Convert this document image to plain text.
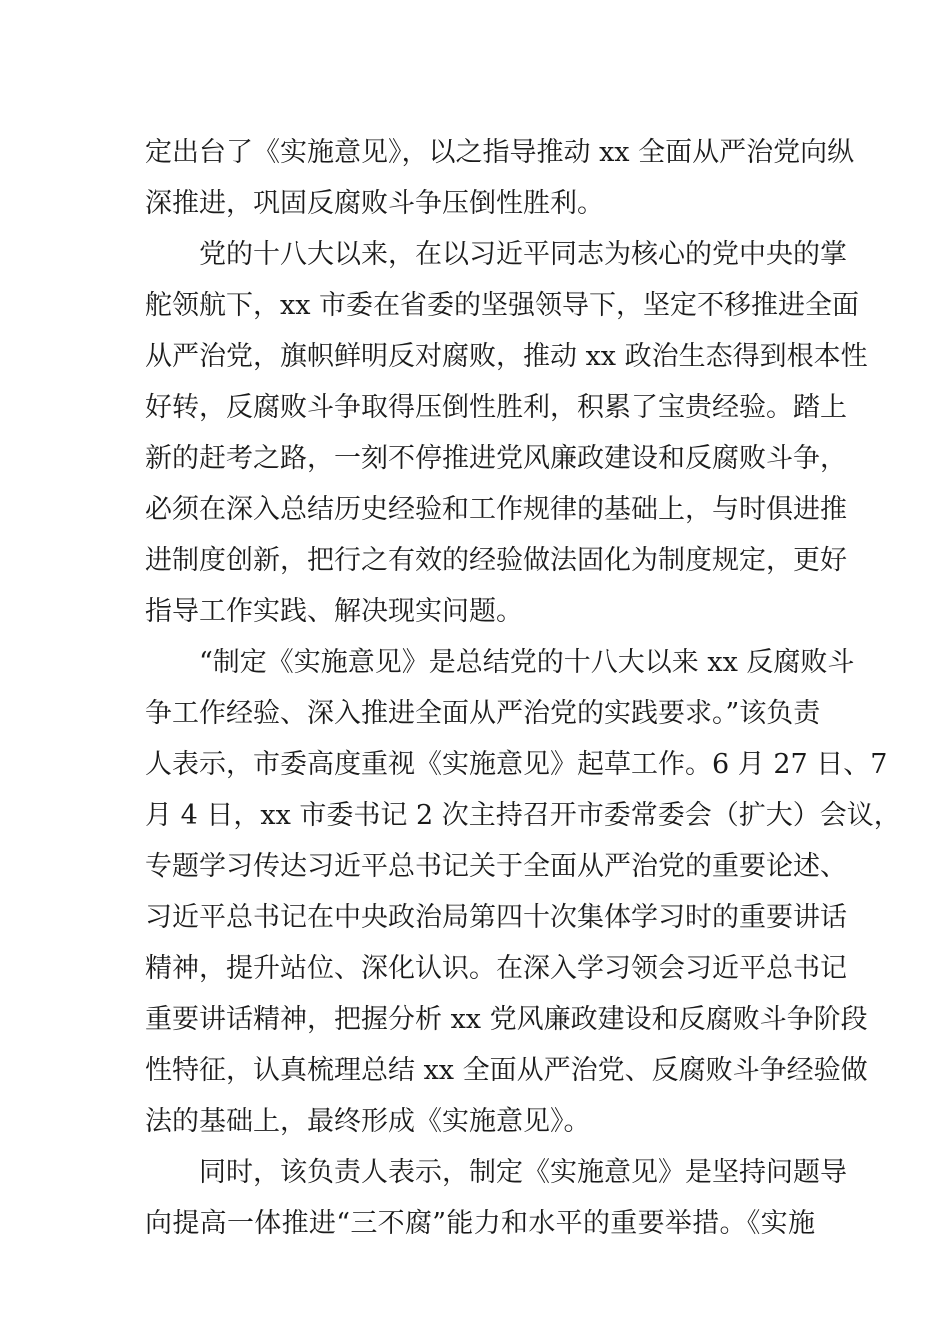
定出台了《实施意见》，以之指导推动 xx 全面从严治党向纵
深推进，巩固反腐败斗争压倒性胜利。
党的十八大以来，在以习近平同志为核心的党中央的掌
舵领航下，xx 市委在省委的坚强领导下，坚定不移推进全面
从严治党，旗帜鲜明反对腐败，推动 xx 政治生态得到根本性
好转，反腐败斗争取得压倒性胜利，积累了宝贵经验。踏上
新的赶考之路，一刻不停推进党风廉政建设和反腐败斗争，
必须在深入总结历史经验和工作规律的基础上，与时俱进推
进制度创新，把行之有效的经验做法固化为制度规定，更好
指导工作实践、解决现实问题。
“制定《实施意见》是总结党的十八大以来 xx 反腐败斗
争工作经验、深入推进全面从严治党的实践要求。”该负责
人表示，市委高度重视《实施意见》起草工作。6 月 27 日、7
月 4 日，xx 市委书记 2 次主持召开市委常委会（扩大）会议，
专题学习传达习近平总书记关于全面从严治党的重要论述、
习近平总书记在中央政治局第四十次集体学习时的重要讲话
精神，提升站位、深化认识。在深入学习领会习近平总书记
重要讲话精神，把握分析 xx 党风廉政建设和反腐败斗争阶段
性特征，认真梳理总结 xx 全面从严治党、反腐败斗争经验做
法的基础上，最终形成《实施意见》。
同时，该负责人表示，制定《实施意见》是坚持问题导
向提高一体推进“三不腐”能力和水平的重要举措。《实施
